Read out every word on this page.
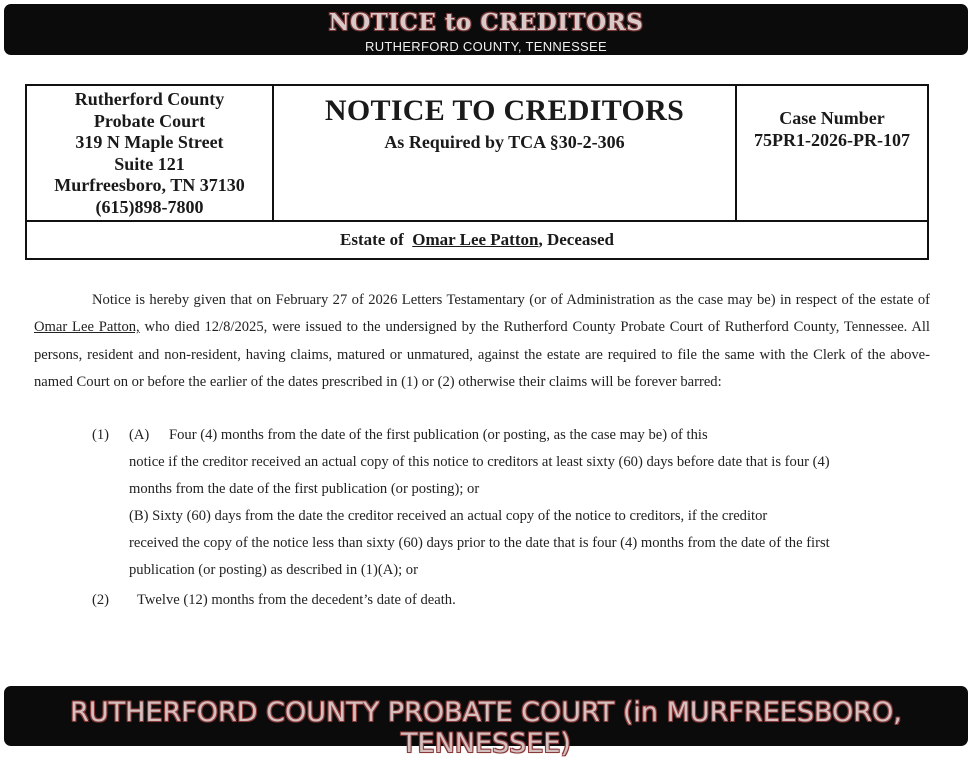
NOTICE to CREDITORS
RUTHERFORD COUNTY, TENNESSEE
Rutherford County
Probate Court
319 N Maple Street
Suite 121
Murfreesboro, TN 37130
(615)898-7800
NOTICE TO CREDITORS
As Required by TCA §30-2-306
Case Number
75PR1-2026-PR-107
Estate of Omar Lee Patton, Deceased

Notice is hereby given that on February 27 of 2026 Letters Testamentary (or of Administration as the case may be) in respect of the estate of Omar Lee Patton, who died 12/8/2025, were issued to the undersigned by the Rutherford County Probate Court of Rutherford County, Tennessee. All persons, resident and non-resident, having claims, matured or unmatured, against the estate are required to file the same with the Clerk of the above-named Court on or before the earlier of the dates prescribed in (1) or (2) otherwise their claims will be forever barred:

(1) (A) Four (4) months from the date of the first publication (or posting, as the case may be) of this
notice if the creditor received an actual copy of this notice to creditors at least sixty (60) days before date that is four (4)
months from the date of the first publication (or posting); or
(B) Sixty (60) days from the date the creditor received an actual copy of the notice to creditors, if the creditor
received the copy of the notice less than sixty (60) days prior to the date that is four (4) months from the date of the first
publication (or posting) as described in (1)(A); or
(2) Twelve (12) months from the decedent’s date of death.
RUTHERFORD COUNTY PROBATE COURT (in MURFREESBORO, TENNESSEE)
